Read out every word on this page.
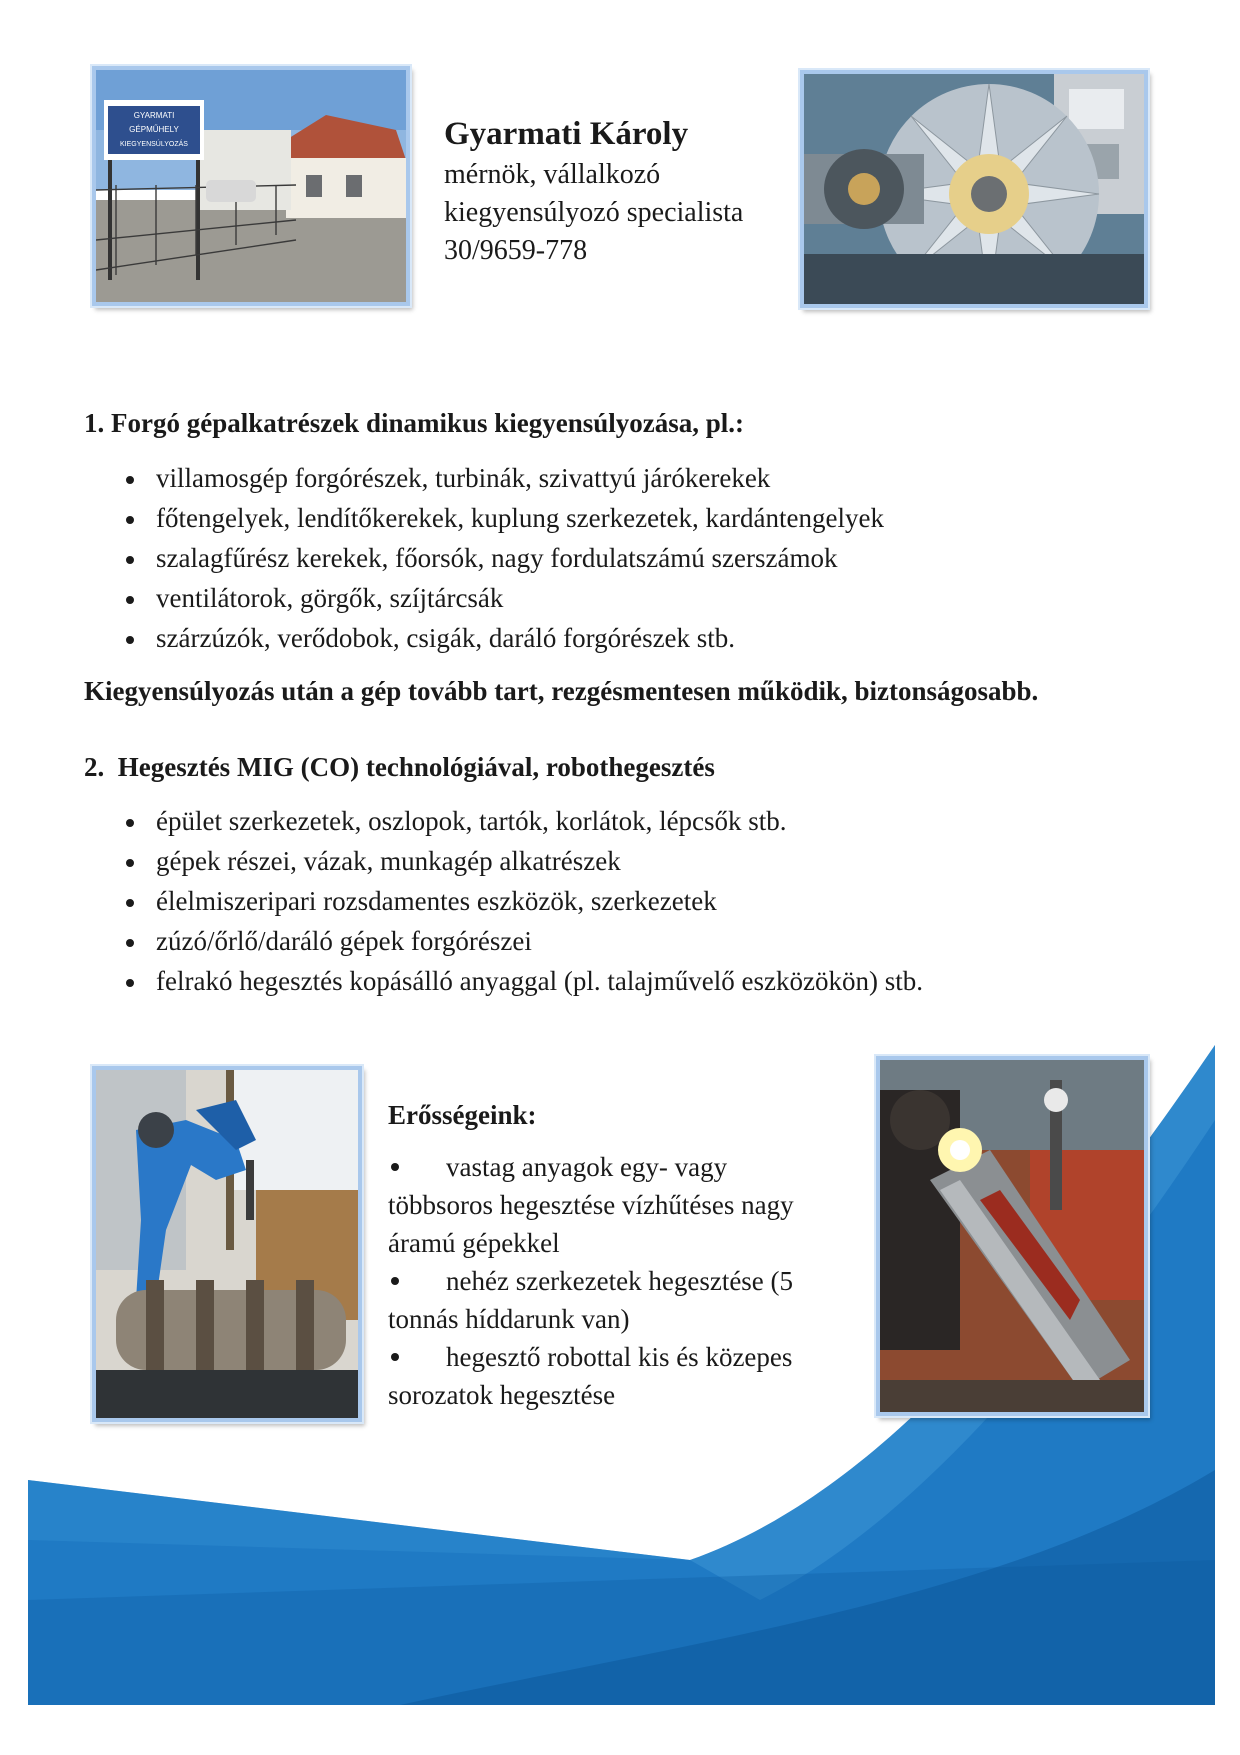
GYARMATI
GÉPMŰHELY
KIEGYENSÚLYOZÁS	Gyarmati Károly
mérnök, vállalkozó
kiegyensúlyozó specialista
30/9659-778
1. Forgó gépalkatrészek dinamikus kiegyensúlyozása, pl.:
villamosgép forgórészek, turbinák, szivattyú járókerekek
főtengelyek, lendítőkerekek, kuplung szerkezetek, kardántengelyek
szalagfűrész kerekek, főorsók, nagy fordulatszámú szerszámok
ventilátorok, görgők, szíjtárcsák
szárzúzók, verődobok, csigák, daráló forgórészek stb.
Kiegyensúlyozás után a gép tovább tart, rezgésmentesen működik, biztonságosabb.
2.  Hegesztés MIG (CO) technológiával, robothegesztés
épület szerkezetek, oszlopok, tartók, korlátok, lépcsők stb.
gépek részei, vázak, munkagép alkatrészek
élelmiszeripari rozsdamentes eszközök, szerkezetek
zúzó/őrlő/daráló gépek forgórészei
felrakó hegesztés kopásálló anyaggal (pl. talajművelő eszközökön) stb.
Erősségeink:
vastag anyagok egy- vagy többsoros hegesztése vízhűtéses nagy áramú gépekkel
nehéz szerkezetek hegesztése (5 tonnás híddarunk van)
hegesztő robottal kis és közepes sorozatok hegesztése
